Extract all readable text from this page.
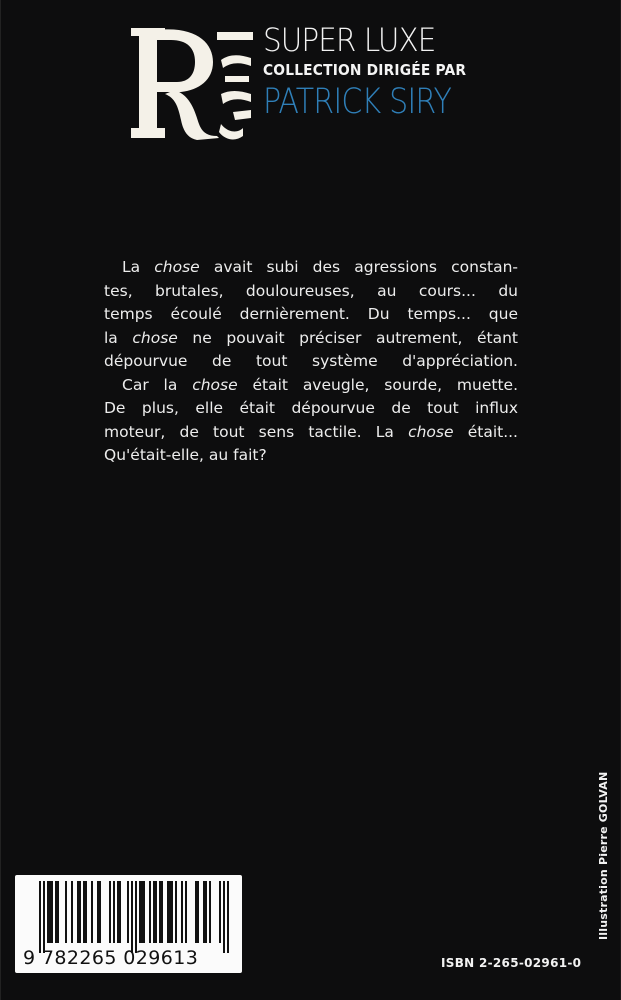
SUPER LUXE
COLLECTION DIRIGÉE PAR
PATRICK SIRY
La chose avait subi des agressions constan-
tes, brutales, douloureuses, au cours... du
temps écoulé dernièrement. Du temps... que
la chose ne pouvait préciser autrement, étant
dépourvue de tout système d'appréciation.
Car la chose était aveugle, sourde, muette.
De plus, elle était dépourvue de tout influx
moteur, de tout sens tactile. La chose était...
Qu'était-elle, au fait?
Illustration Pierre GOLVAN
9 782265 029613	ISBN 2-265-02961-0
